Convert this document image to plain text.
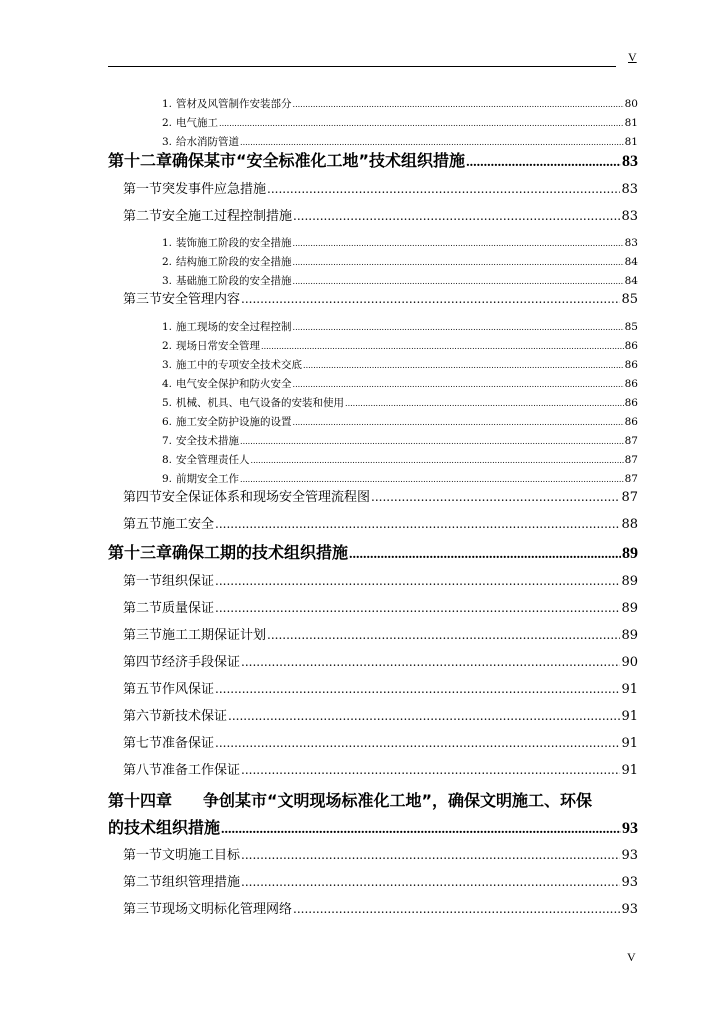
V
1. 管材及风管制作安装部分 .....	80
2. 电气施工 .....	81
3. 给水消防管道 .....	81
第十二章 确保某市“安全标准化工地”技术组织措施 .....	83
第一节 突发事件应急措施 .....	83
第二节 安全施工过程控制措施 .....	83
1. 装饰施工阶段的安全措施 .....	83
2. 结构施工阶段的安全措施 .....	84
3. 基础施工阶段的安全措施 .....	84
第三节 安全管理内容 .....	85
1. 施工现场的安全过程控制 .....	85
2. 现场日常安全管理 .....	86
3. 施工中的专项安全技术交底 .....	86
4. 电气安全保护和防火安全 .....	86
5. 机械、机具、电气设备的安装和使用 .....	86
6. 施工安全防护设施的设置 .....	86
7. 安全技术措施 .....	87
8. 安全管理责任人 .....	87
9. 前期安全工作 .....	87
第四节 安全保证体系和现场安全管理流程图 .....	87
第五节 施工安全 .....	88
第十三章 确保工期的技术组织措施 .....	89
第一节 组织保证 .....	89
第二节 质量保证 .....	89
第三节 施工工期保证计划 .....	89
第四节 经济手段保证 .....	90
第五节 作风保证 .....	91
第六节 新技术保证 .....	91
第七节 准备保证 .....	91
第八节 准备工作保证 .....	91
第十四章 争创某市“文明现场标准化工地”，确保文明施工、环保
的技术组织措施 .....	93
第一节 文明施工目标 .....	93
第二节 组织管理措施 .....	93
第三节 现场文明标化管理网络 .....	93
V
